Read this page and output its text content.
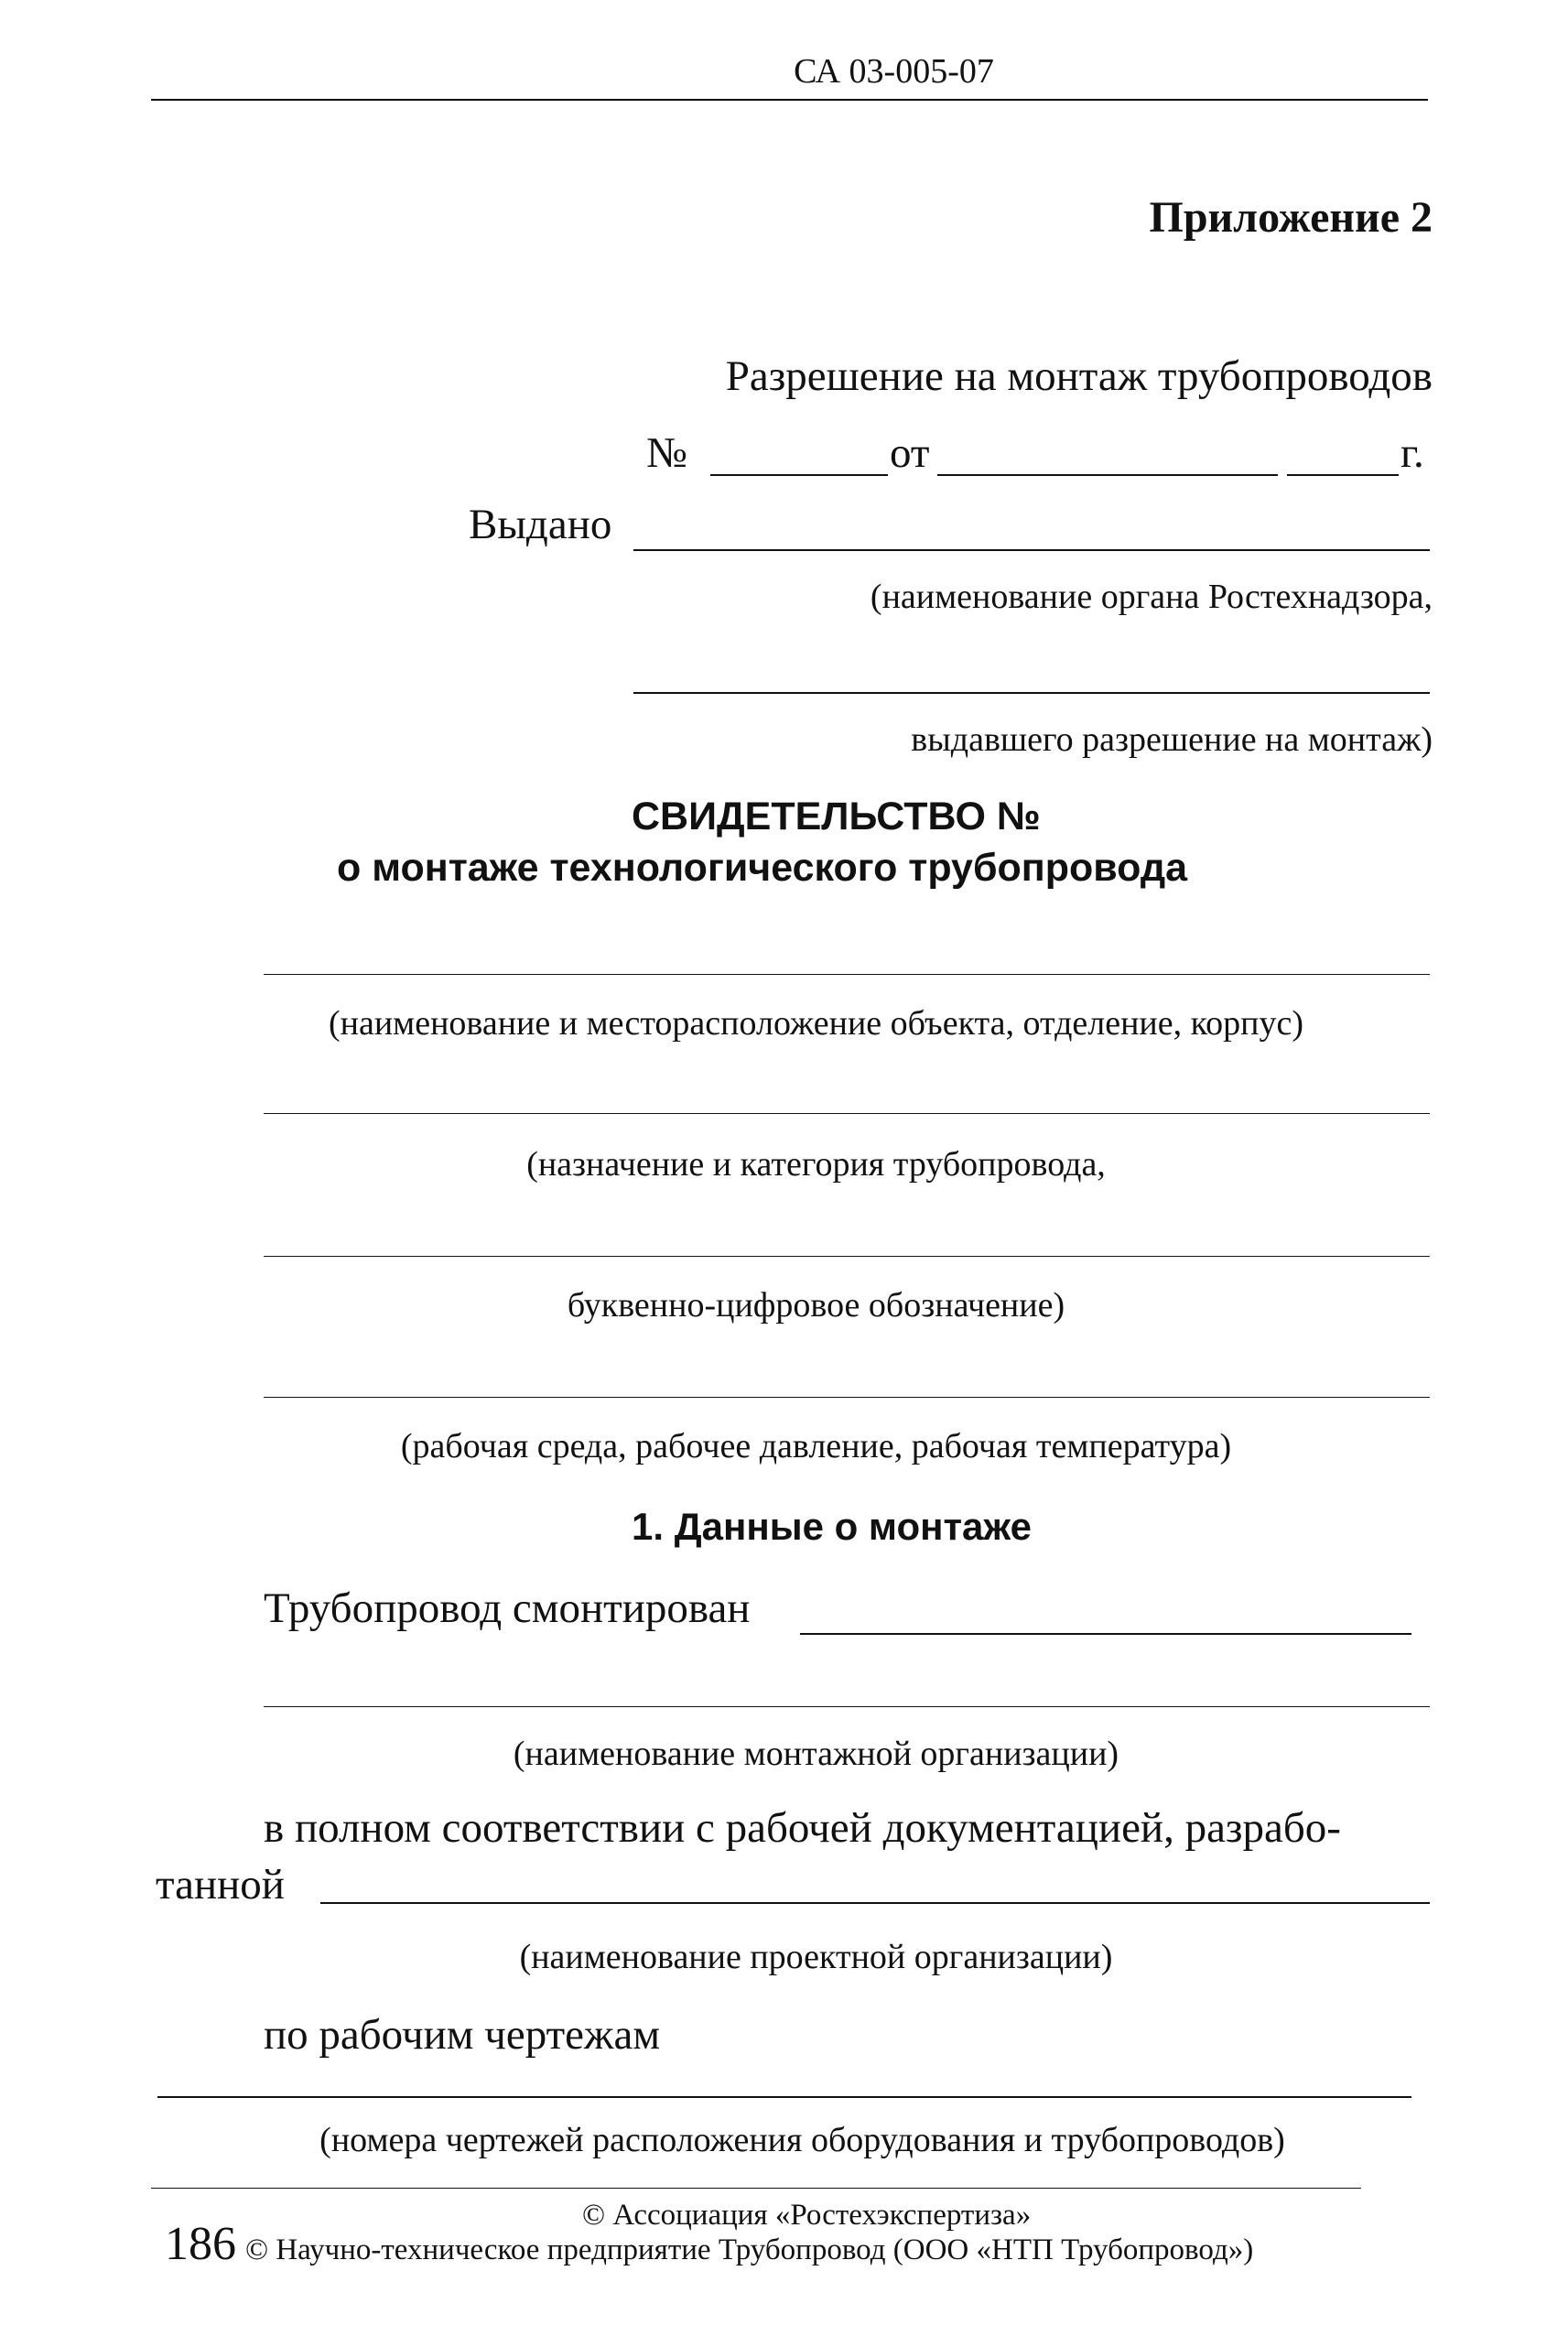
СА 03-005-07
Приложение 2
Разрешение на монтаж трубопроводов
№	от	г.
Выдано
(наименование органа Ростехнадзора,
выдавшего разрешение на монтаж)
СВИДЕТЕЛЬСТВО №
о монтаже технологического трубопровода
(наименование и месторасположение объекта, отделение, корпус)
(назначение и категория трубопровода,
буквенно-цифровое обозначение)
(рабочая среда, рабочее давление, рабочая температура)
1. Данные о монтаже
Трубопровод смонтирован
(наименование монтажной организации)
в полном соответствии с рабочей документацией, разрабо-
танной
(наименование проектной организации)
по рабочим чертежам
(номера чертежей расположения оборудования и трубопроводов)
© Ассоциация «Ростехэкспертиза»
186 © Научно-техническое предприятие Трубопровод (ООО «НТП Трубопровод»)
